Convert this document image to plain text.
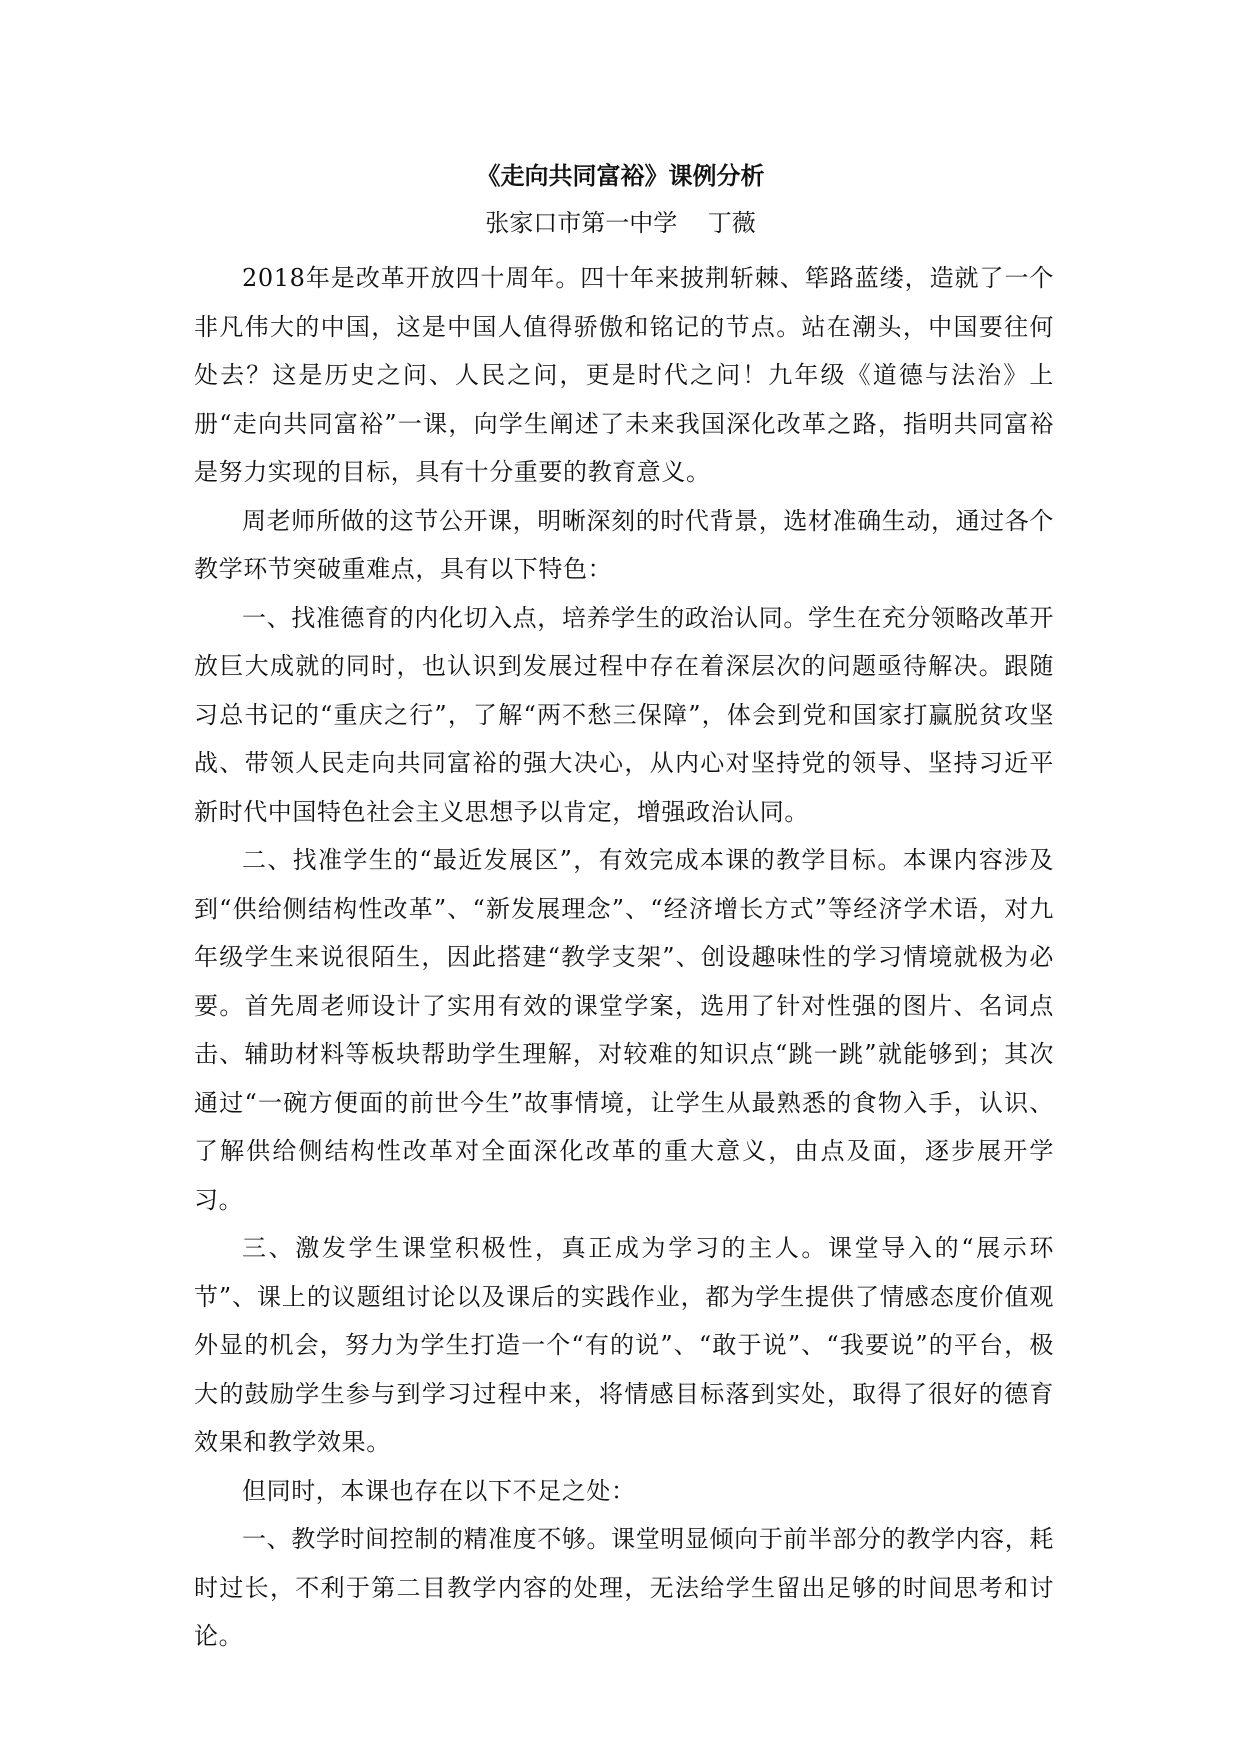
《走向共同富裕》课例分析
张家口市第一中学    丁薇

2018年是改革开放四十周年。四十年来披荆斩棘、筚路蓝缕，造就了一个非凡伟大的中国，这是中国人值得骄傲和铭记的节点。站在潮头，中国要往何处去？这是历史之问、人民之问，更是时代之问！九年级《道德与法治》上册“走向共同富裕”一课，向学生阐述了未来我国深化改革之路，指明共同富裕是努力实现的目标，具有十分重要的教育意义。

周老师所做的这节公开课，明晰深刻的时代背景，选材准确生动，通过各个教学环节突破重难点，具有以下特色：

一、找准德育的内化切入点，培养学生的政治认同。学生在充分领略改革开放巨大成就的同时，也认识到发展过程中存在着深层次的问题亟待解决。跟随习总书记的“重庆之行”，了解“两不愁三保障”，体会到党和国家打赢脱贫攻坚战、带领人民走向共同富裕的强大决心，从内心对坚持党的领导、坚持习近平新时代中国特色社会主义思想予以肯定，增强政治认同。

二、找准学生的“最近发展区”，有效完成本课的教学目标。本课内容涉及到“供给侧结构性改革”、“新发展理念”、“经济增长方式”等经济学术语，对九年级学生来说很陌生，因此搭建“教学支架”、创设趣味性的学习情境就极为必要。首先周老师设计了实用有效的课堂学案，选用了针对性强的图片、名词点击、辅助材料等板块帮助学生理解，对较难的知识点“跳一跳”就能够到；其次通过“一碗方便面的前世今生”故事情境，让学生从最熟悉的食物入手，认识、了解供给侧结构性改革对全面深化改革的重大意义，由点及面，逐步展开学习。

三、激发学生课堂积极性，真正成为学习的主人。课堂导入的“展示环节”、课上的议题组讨论以及课后的实践作业，都为学生提供了情感态度价值观外显的机会，努力为学生打造一个“有的说”、“敢于说”、“我要说”的平台，极大的鼓励学生参与到学习过程中来，将情感目标落到实处，取得了很好的德育效果和教学效果。

但同时，本课也存在以下不足之处：

一、教学时间控制的精准度不够。课堂明显倾向于前半部分的教学内容，耗时过长，不利于第二目教学内容的处理，无法给学生留出足够的时间思考和讨论。
